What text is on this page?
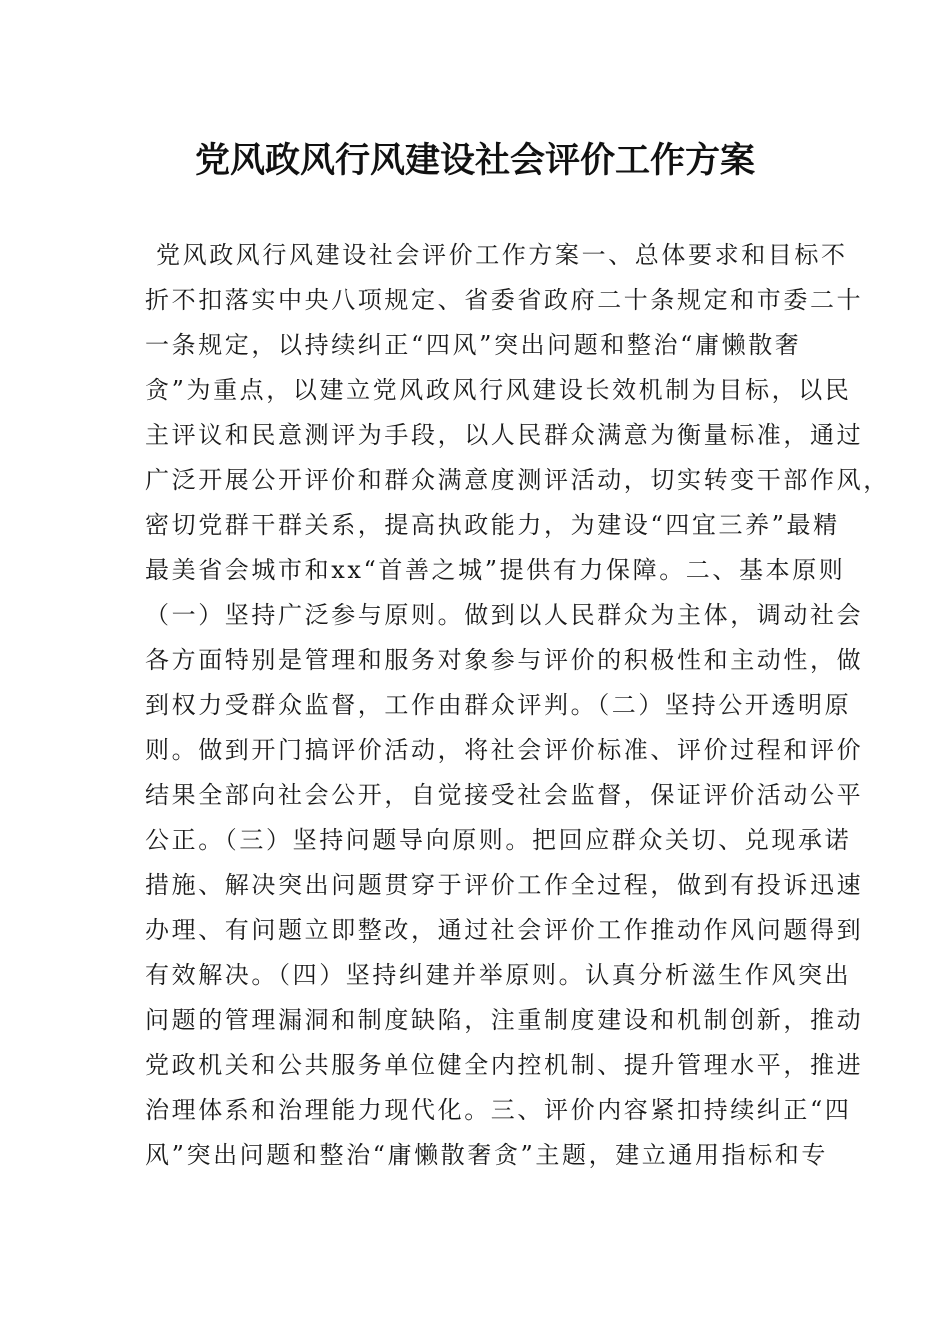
党风政风行风建设社会评价工作方案
党风政风行风建设社会评价工作方案一、总体要求和目标不
折不扣落实中央八项规定、省委省政府二十条规定和市委二十
一条规定，以持续纠正“四风”突出问题和整治“庸懒散奢
贪”为重点，以建立党风政风行风建设长效机制为目标，以民
主评议和民意测评为手段，以人民群众满意为衡量标准，通过
广泛开展公开评价和群众满意度测评活动，切实转变干部作风，
密切党群干群关系，提高执政能力，为建设“四宜三养”最精
最美省会城市和xx“首善之城”提供有力保障。二、基本原则
（一）坚持广泛参与原则。做到以人民群众为主体，调动社会
各方面特别是管理和服务对象参与评价的积极性和主动性，做
到权力受群众监督，工作由群众评判。（二）坚持公开透明原
则。做到开门搞评价活动，将社会评价标准、评价过程和评价
结果全部向社会公开，自觉接受社会监督，保证评价活动公平
公正。（三）坚持问题导向原则。把回应群众关切、兑现承诺
措施、解决突出问题贯穿于评价工作全过程，做到有投诉迅速
办理、有问题立即整改，通过社会评价工作推动作风问题得到
有效解决。（四）坚持纠建并举原则。认真分析滋生作风突出
问题的管理漏洞和制度缺陷，注重制度建设和机制创新，推动
党政机关和公共服务单位健全内控机制、提升管理水平，推进
治理体系和治理能力现代化。三、评价内容紧扣持续纠正“四
风”突出问题和整治“庸懒散奢贪”主题，建立通用指标和专
